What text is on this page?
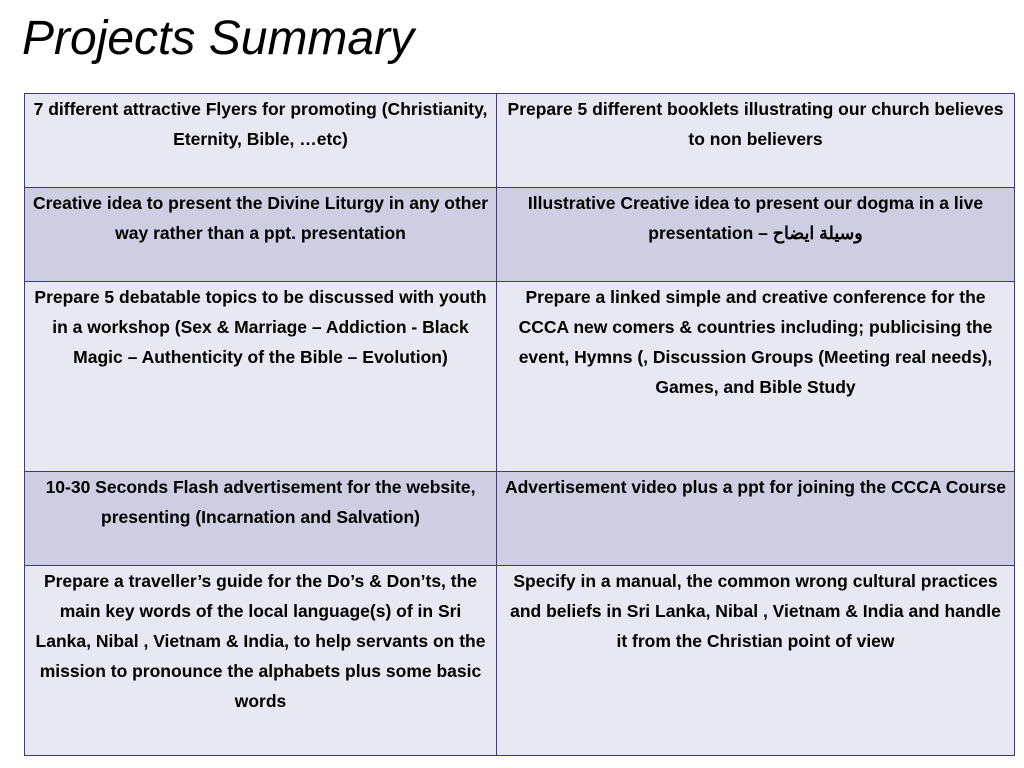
Projects Summary
7 different attractive Flyers for promoting (Christianity, Eternity, Bible, …etc)	Prepare 5 different booklets illustrating our church believes to non believers
Creative idea to present the Divine Liturgy in any other way rather than a ppt. presentation	Illustrative Creative idea to present our dogma in a live presentation – وسيلة ايضاح
Prepare 5 debatable topics to be discussed with youth in a workshop (Sex & Marriage – Addiction - Black Magic – Authenticity of the Bible – Evolution)	Prepare a linked simple and creative conference for the CCCA new comers & countries including; publicising the event, Hymns (, Discussion Groups (Meeting real needs), Games, and Bible Study
10-30 Seconds Flash advertisement for the website, presenting (Incarnation and Salvation)	Advertisement video plus a ppt for joining the CCCA Course
Prepare a traveller’s guide for the Do’s & Don’ts, the main key words of the local language(s) of in Sri Lanka, Nibal , Vietnam & India, to help servants on the mission to pronounce the alphabets plus some basic words	Specify in a manual, the common wrong cultural practices and beliefs in Sri Lanka, Nibal , Vietnam & India and handle it from the Christian point of view
